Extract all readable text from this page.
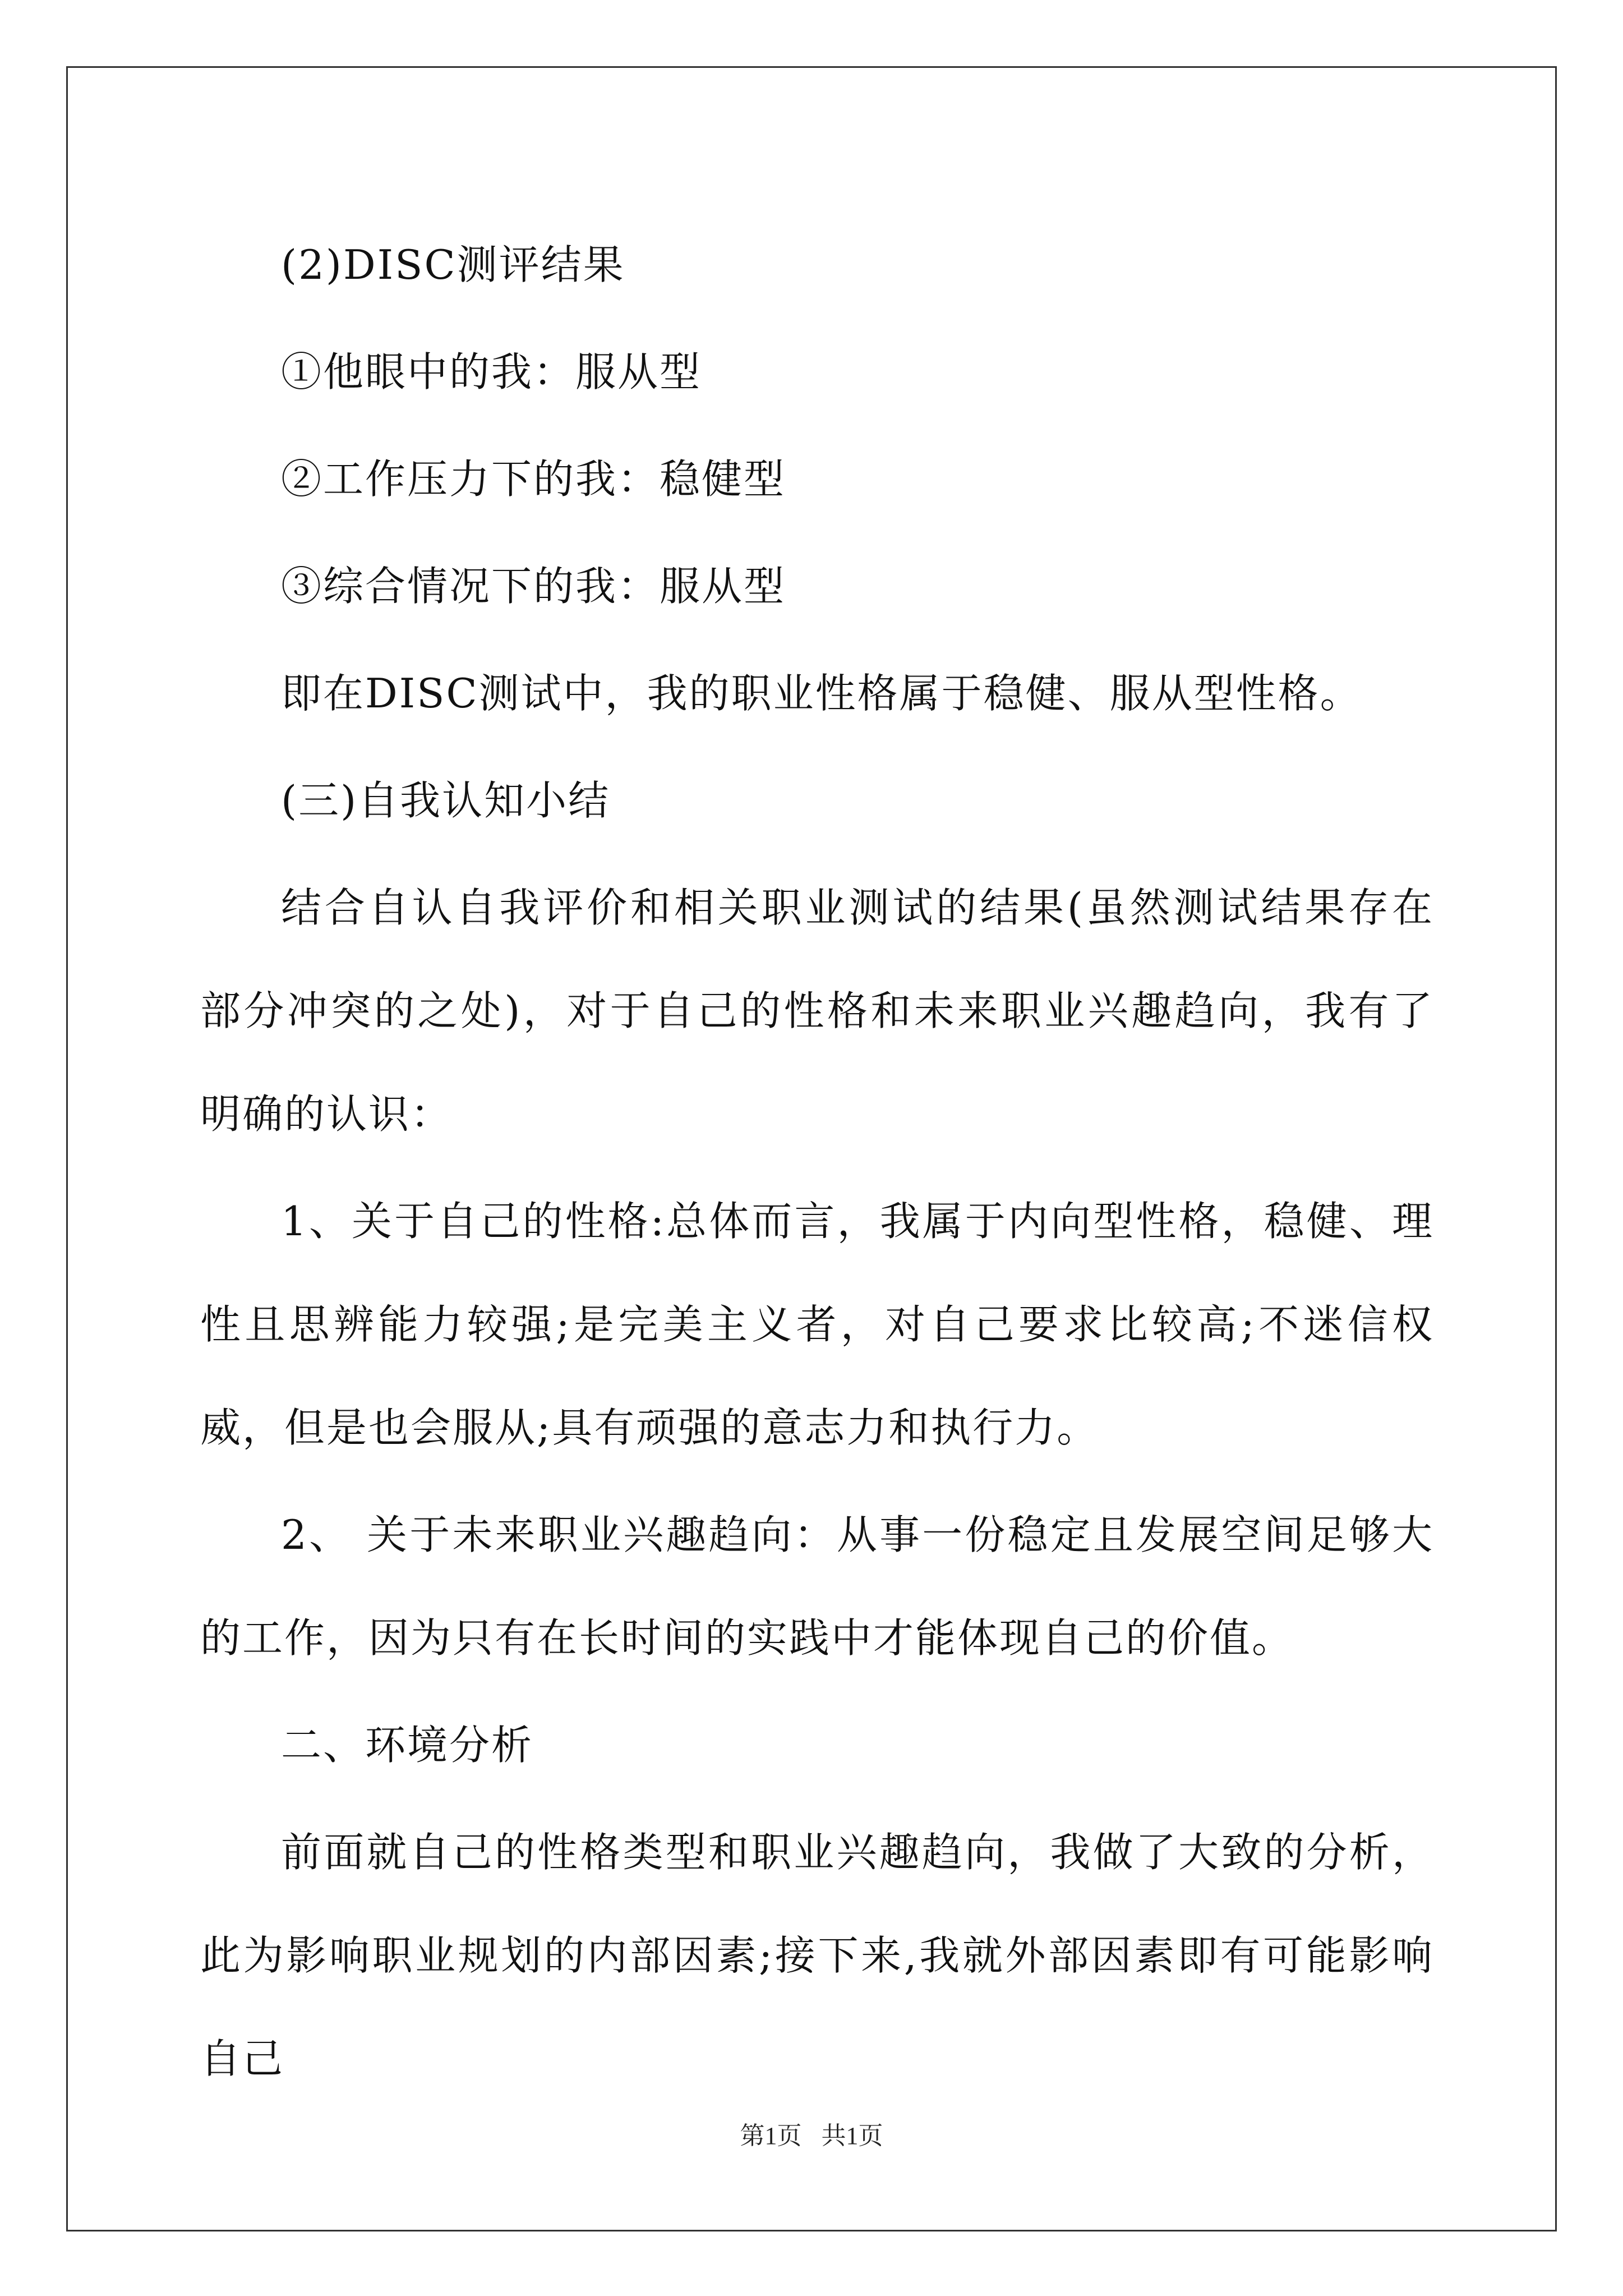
(2)DISC测评结果

①他眼中的我：服从型

②工作压力下的我：稳健型

③综合情况下的我：服从型

即在DISC测试中，我的职业性格属于稳健、服从型性格。

(三)自我认知小结

结合自认自我评价和相关职业测试的结果(虽然测试结果存在部分冲突的之处)，对于自己的性格和未来职业兴趣趋向，我有了明确的认识：

1、关于自己的性格:总体而言，我属于内向型性格，稳健、理性且思辨能力较强;是完美主义者，对自己要求比较高;不迷信权威，但是也会服从;具有顽强的意志力和执行力。

2、 关于未来职业兴趣趋向：从事一份稳定且发展空间足够大的工作，因为只有在长时间的实践中才能体现自己的价值。

二、环境分析

前面就自己的性格类型和职业兴趣趋向，我做了大致的分析，此为影响职业规划的内部因素;接下来,我就外部因素即有可能影响自己

第1页 共1页
